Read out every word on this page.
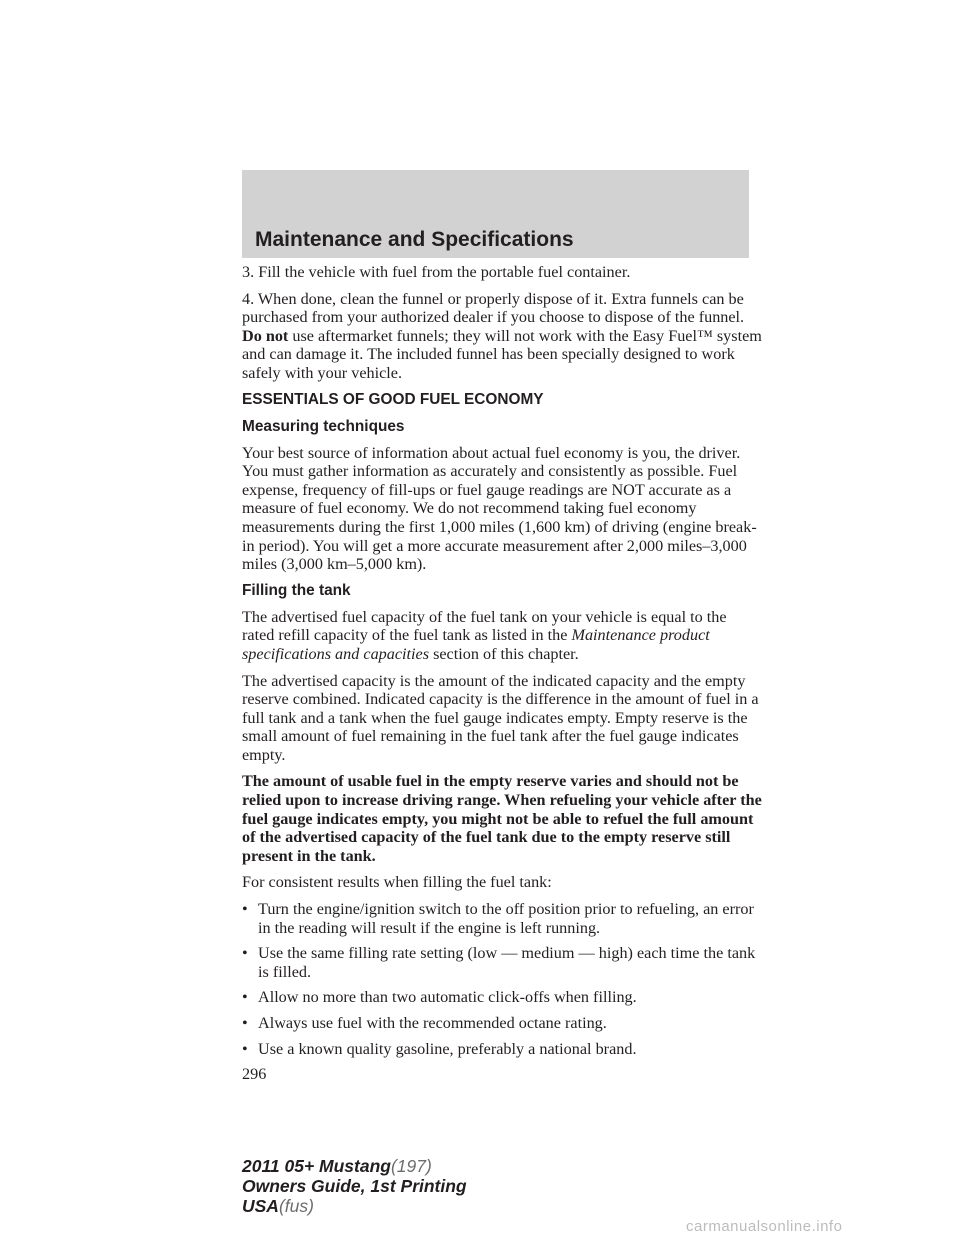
Maintenance and Specifications

3. Fill the vehicle with fuel from the portable fuel container.

4. When done, clean the funnel or properly dispose of it. Extra funnels can be purchased from your authorized dealer if you choose to dispose of the funnel. Do not use aftermarket funnels; they will not work with the Easy Fuel™ system and can damage it. The included funnel has been specially designed to work safely with your vehicle.

ESSENTIALS OF GOOD FUEL ECONOMY
Measuring techniques

Your best source of information about actual fuel economy is you, the driver. You must gather information as accurately and consistently as possible. Fuel expense, frequency of fill-ups or fuel gauge readings are NOT accurate as a measure of fuel economy. We do not recommend taking fuel economy measurements during the first 1,000 miles (1,600 km) of driving (engine break-in period). You will get a more accurate measurement after 2,000 miles–3,000 miles (3,000 km–5,000 km).

Filling the tank

The advertised fuel capacity of the fuel tank on your vehicle is equal to the rated refill capacity of the fuel tank as listed in the Maintenance product specifications and capacities section of this chapter.

The advertised capacity is the amount of the indicated capacity and the empty reserve combined. Indicated capacity is the difference in the amount of fuel in a full tank and a tank when the fuel gauge indicates empty. Empty reserve is the small amount of fuel remaining in the fuel tank after the fuel gauge indicates empty.

The amount of usable fuel in the empty reserve varies and should not be relied upon to increase driving range. When refueling your vehicle after the fuel gauge indicates empty, you might not be able to refuel the full amount of the advertised capacity of the fuel tank due to the empty reserve still present in the tank.

For consistent results when filling the fuel tank:

• Turn the engine/ignition switch to the off position prior to refueling, an error in the reading will result if the engine is left running.
• Use the same filling rate setting (low — medium — high) each time the tank is filled.
• Allow no more than two automatic click-offs when filling.
• Always use fuel with the recommended octane rating.
• Use a known quality gasoline, preferably a national brand.
296
2011 05+ Mustang(197)
Owners Guide, 1st Printing
USA(fus)
carmanualsonline.info
